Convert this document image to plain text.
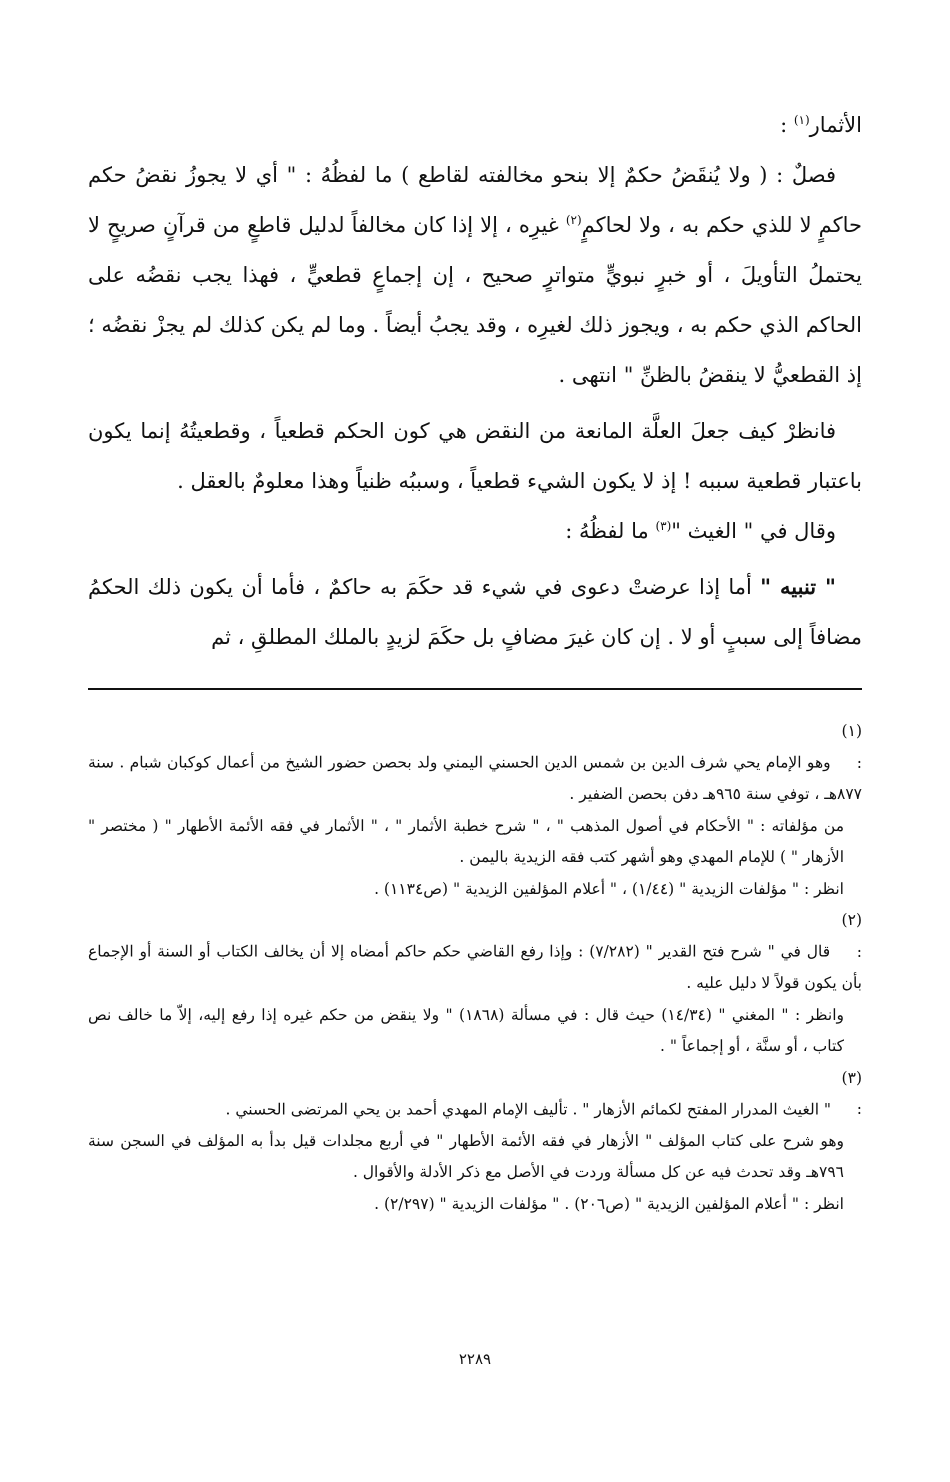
الأثمار$^{(١)}$ :

فصلٌ : ( ولا يُنقَضُ حكمٌ إلا بنحو مخالفته لقاطع ) ما لفظُهُ : " أي لا يجوزُ نقضُ حكم حاكمٍ لا للذي حكم به ، ولا لحاكمٍ$^{(٢)}$ غيرِه ، إلا إذا كان مخالفاً لدليل قاطعٍ من قرآنٍ صريحٍ لا يحتملُ التأويلَ ، أو خبرٍ نبويٍّ متواترٍ صحيح ، إن إجماعٍ قطعيٍّ ، فهذا يجب نقضُه على الحاكم الذي حكم به ، ويجوز ذلك لغيرِه ، وقد يجبُ أيضاً . وما لم يكن كذلك لم يجزْ نقضُه ؛ إذ القطعيُّ لا ينقضُ بالظنِّ " انتهى .

فانظرْ كيف جعلَ العلَّة المانعة من النقض هي كون الحكم قطعياً ، وقطعيتُهُ إنما يكون باعتبار قطعية سببه ! إذ لا يكون الشيء قطعياً ، وسببُه ظنياً وهذا معلومٌ بالعقل .

وقال في " الغيث "$^{(٣)}$ ما لفظُهُ :

" تنبيه " أما إذا عرضتْ دعوى في شيء قد حكَمَ به حاكمٌ ، فأما أن يكون ذلك الحكمُ مضافاً إلى سببٍ أو لا . إن كان غيرَ مضافٍ بل حكَمَ لزيدٍ بالملك المطلقِ ، ثم

(١) : وهو الإمام يحي شرف الدين بن شمس الدين الحسني اليمني ولد بحصن حضور الشيخ من أعمال كوكبان شبام . سنة ٨٧٧هـ ، توفي سنة ٩٦٥هـ دفن بحصن الضفير .

من مؤلفاته : " الأحكام في أصول المذهب " ، " شرح خطبة الأثمار " ، " الأثمار في فقه الأئمة الأطهار " ( مختصر " الأزهار " ) للإمام المهدي وهو أشهر كتب فقه الزيدية باليمن .

انظر : " مؤلفات الزيدية " (١/٤٤) ، " أعلام المؤلفين الزيدية " (ص١١٣٤) .

(٢) : قال في " شرح فتح القدير " (٧/٢٨٢) : وإذا رفع القاضي حكم حاكم أمضاه إلا أن يخالف الكتاب أو السنة أو الإجماع بأن يكون قولاً لا دليل عليه .

وانظر : " المغني " (١٤/٣٤) حيث قال : في مسألة (١٨٦٨) " ولا ينقض من حكم غيره إذا رفع إليه، إلاّ ما خالف نص كتاب ، أو سنَّة ، أو إجماعاً " .

(٣) : " الغيث المدرار المفتح لكمائم الأزهار " . تأليف الإمام المهدي أحمد بن يحي المرتضى الحسني .

وهو شرح على كتاب المؤلف " الأزهار في فقه الأئمة الأطهار " في أربع مجلدات قيل بدأ به المؤلف في السجن سنة ٧٩٦هـ وقد تحدث فيه عن كل مسألة وردت في الأصل مع ذكر الأدلة والأقوال .

انظر : " أعلام المؤلفين الزيدية " (ص٢٠٦) . " مؤلفات الزيدية " (٢/٢٩٧) .

٢٢٨٩
